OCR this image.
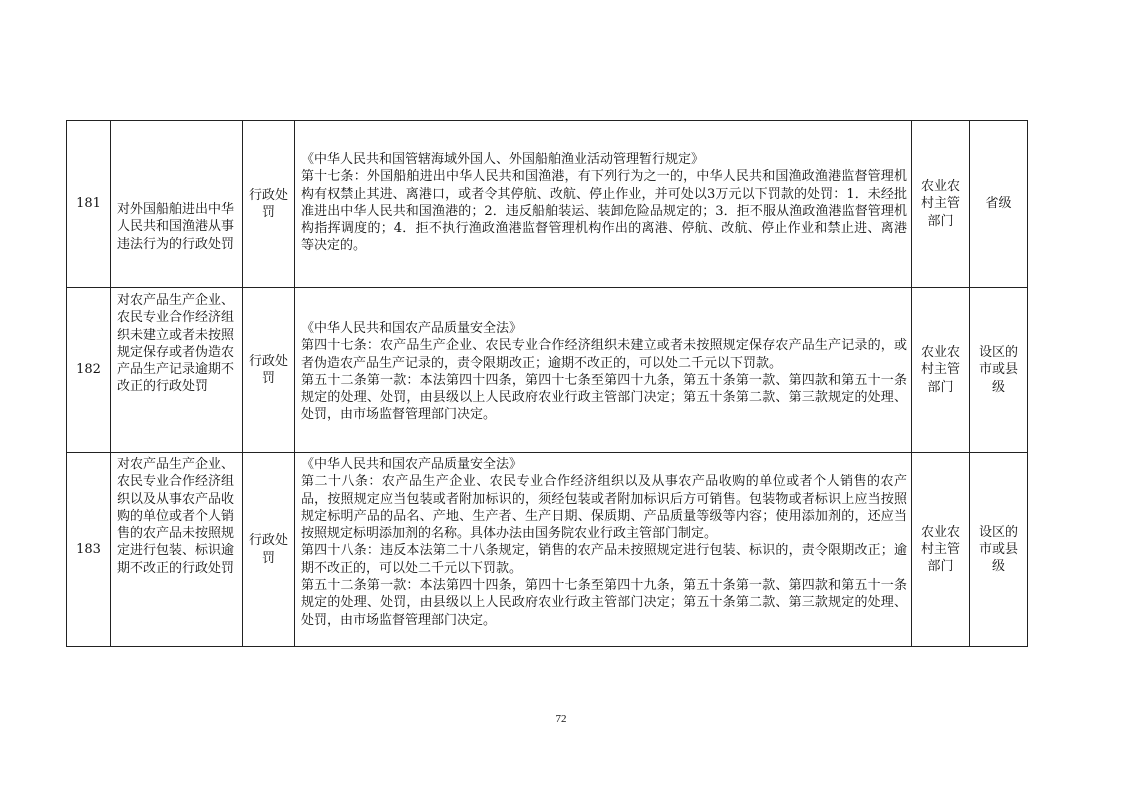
181	对外国船舶进出中华人民共和国渔港从事违法行为的行政处罚	行政处罚	《中华人民共和国管辖海域外国人、外国船舶渔业活动管理暂行规定》
第十七条：外国船舶进出中华人民共和国渔港，有下列行为之一的，中华人民共和国渔政渔港监督管理机构有权禁止其进、离港口，或者令其停航、改航、停止作业，并可处以3万元以下罚款的处罚：1．未经批准进出中华人民共和国渔港的；2．违反船舶装运、装卸危险品规定的；3．拒不服从渔政渔港监督管理机构指挥调度的；4．拒不执行渔政渔港监督管理机构作出的离港、停航、改航、停止作业和禁止进、离港等决定的。	农业农村主管部门	省级
182	对农产品生产企业、农民专业合作经济组织未建立或者未按照规定保存或者伪造农产品生产记录逾期不改正的行政处罚	行政处罚	《中华人民共和国农产品质量安全法》
第四十七条：农产品生产企业、农民专业合作经济组织未建立或者未按照规定保存农产品生产记录的，或者伪造农产品生产记录的，责令限期改正；逾期不改正的，可以处二千元以下罚款。
第五十二条第一款：本法第四十四条，第四十七条至第四十九条，第五十条第一款、第四款和第五十一条规定的处理、处罚，由县级以上人民政府农业行政主管部门决定；第五十条第二款、第三款规定的处理、处罚，由市场监督管理部门决定。	农业农村主管部门	设区的市或县级
183	对农产品生产企业、农民专业合作经济组织以及从事农产品收购的单位或者个人销售的农产品未按照规定进行包装、标识逾期不改正的行政处罚	行政处罚	《中华人民共和国农产品质量安全法》
第二十八条：农产品生产企业、农民专业合作经济组织以及从事农产品收购的单位或者个人销售的农产品，按照规定应当包装或者附加标识的，须经包装或者附加标识后方可销售。包装物或者标识上应当按照规定标明产品的品名、产地、生产者、生产日期、保质期、产品质量等级等内容；使用添加剂的，还应当按照规定标明添加剂的名称。具体办法由国务院农业行政主管部门制定。
第四十八条：违反本法第二十八条规定，销售的农产品未按照规定进行包装、标识的，责令限期改正；逾期不改正的，可以处二千元以下罚款。
第五十二条第一款：本法第四十四条，第四十七条至第四十九条，第五十条第一款、第四款和第五十一条规定的处理、处罚，由县级以上人民政府农业行政主管部门决定；第五十条第二款、第三款规定的处理、处罚，由市场监督管理部门决定。	农业农村主管部门	设区的市或县级
72
